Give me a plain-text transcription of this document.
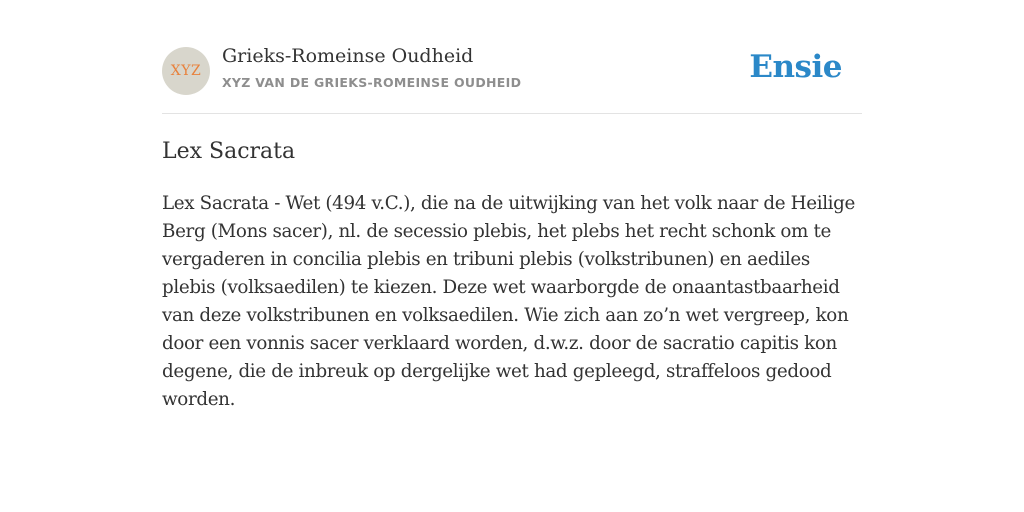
XYZ
Grieks-Romeinse Oudheid
XYZ VAN DE GRIEKS-ROMEINSE OUDHEID	Ensie
Lex Sacrata

Lex Sacrata - Wet (494 v.C.), die na de uitwijking van het volk naar de Heilige Berg (Mons sacer), nl. de secessio plebis, het plebs het recht schonk om te vergaderen in concilia plebis en tribuni plebis (volkstribunen) en aediles plebis (volksaedilen) te kiezen. Deze wet waarborgde de onaantastbaarheid van deze volkstribunen en volksaedilen. Wie zich aan zo’n wet vergreep, kon door een vonnis sacer verklaard worden, d.w.z. door de sacratio capitis kon degene, die de inbreuk op dergelijke wet had gepleegd, straffeloos gedood worden.
